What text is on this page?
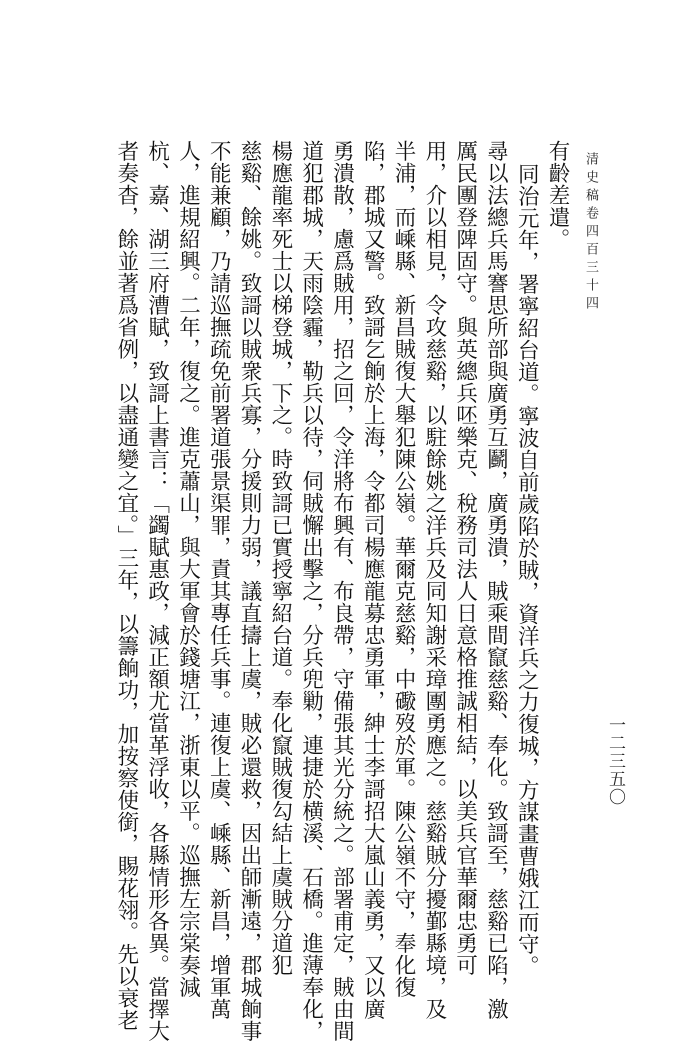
清史稿卷四百三十四
一二三五〇
有齡差遣。
同治元年，署寧紹台道。寧波自前歲陷於賊，資洋兵之力復城，方謀畫曹娥江而守。
尋以法總兵馬謇思所部與廣勇互鬬，廣勇潰，賊乘間竄慈谿、奉化。致謌至，慈谿已陷，激
厲民團登陴固守。與英總兵呸樂克、稅務司法人日意格推誠相結，以美兵官華爾忠勇可
用，介以相見，令攻慈谿，以駐餘姚之洋兵及同知謝采璋團勇應之。慈谿賊分擾鄞縣境，及
半浦，而嵊縣、新昌賊復大舉犯陳公嶺。華爾克慈谿，中礮歿於軍。陳公嶺不守，奉化復
陷，郡城又警。致謌乞餉於上海，令都司楊應龍募忠勇軍，紳士李謌招大嵐山義勇，又以廣
勇潰散，慮爲賊用，招之回，令洋將布興有、布良帶，守備張其光分統之。部署甫定，賊由間
道犯郡城，天雨陰霾，勒兵以待，伺賊懈出擊之，分兵兜勦，連捷於横溪、石橋。進薄奉化，
楊應龍率死士以梯登城，下之。時致謌已實授寧紹台道。奉化竄賊復勾結上虞賊分道犯
慈谿、餘姚。致謌以賊衆兵寡，分援則力弱，議直擣上虞，賊必還救，因出師漸遠，郡城餉事
不能兼顧，乃請巡撫疏免前署道張景渠罪，責其專任兵事。連復上虞、嵊縣、新昌，增軍萬
人，進規紹興。二年，復之。進克蕭山，與大軍會於錢塘江，浙東以平。巡撫左宗棠奏減
杭、嘉、湖三府漕賦，致謌上書言：「蠲賦惠政，減正額尤當革浮收，各縣情形各異。當擇大
者奏杳，餘並著爲省例，以盡通變之宜。」三年，以籌餉功，加按察使銜，賜花翎。先以衰老
